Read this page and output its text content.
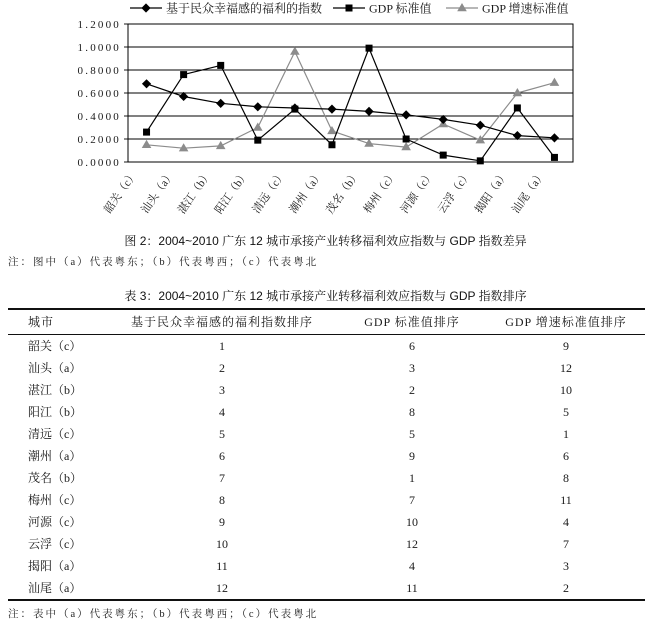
0.0000
0.2000
0.4000
0.6000
0.8000
1.0000
1.2000
韶关（c） 汕头（a）
湛江（b）
阳江（b） 清远（c） 潮州（a）
茂名（b） 梅州（c） 河源（c） 云浮（c） 揭阳（a） 汕尾（a）
基于民众幸福感的福利的指数	GDP 标准值	GDP 增速标准值
图 2：2004~2010 广东 12 城市承接产业转移福利效应指数与 GDP 指数差异
注：图中（a）代表粤东；（b）代表粤西；（c）代表粤北
表 3：2004~2010 广东 12 城市承接产业转移福利效应指数与 GDP 指数排序
城市	基于民众幸福感的福利指数排序	GDP 标准值排序	GDP 增速标准值排序
韶关（c）	1	6	9
汕头（a）	2	3	12
湛江（b）	3	2	10
阳江（b）	4	8	5
清远（c）	5	5	1
潮州（a）	6	9	6
茂名（b）	7	1	8
梅州（c）	8	7	11
河源（c）	9	10	4
云浮（c）	10	12	7
揭阳（a）	11	4	3
汕尾（a）	12	11	2
注：表中（a）代表粤东；（b）代表粤西；（c）代表粤北
